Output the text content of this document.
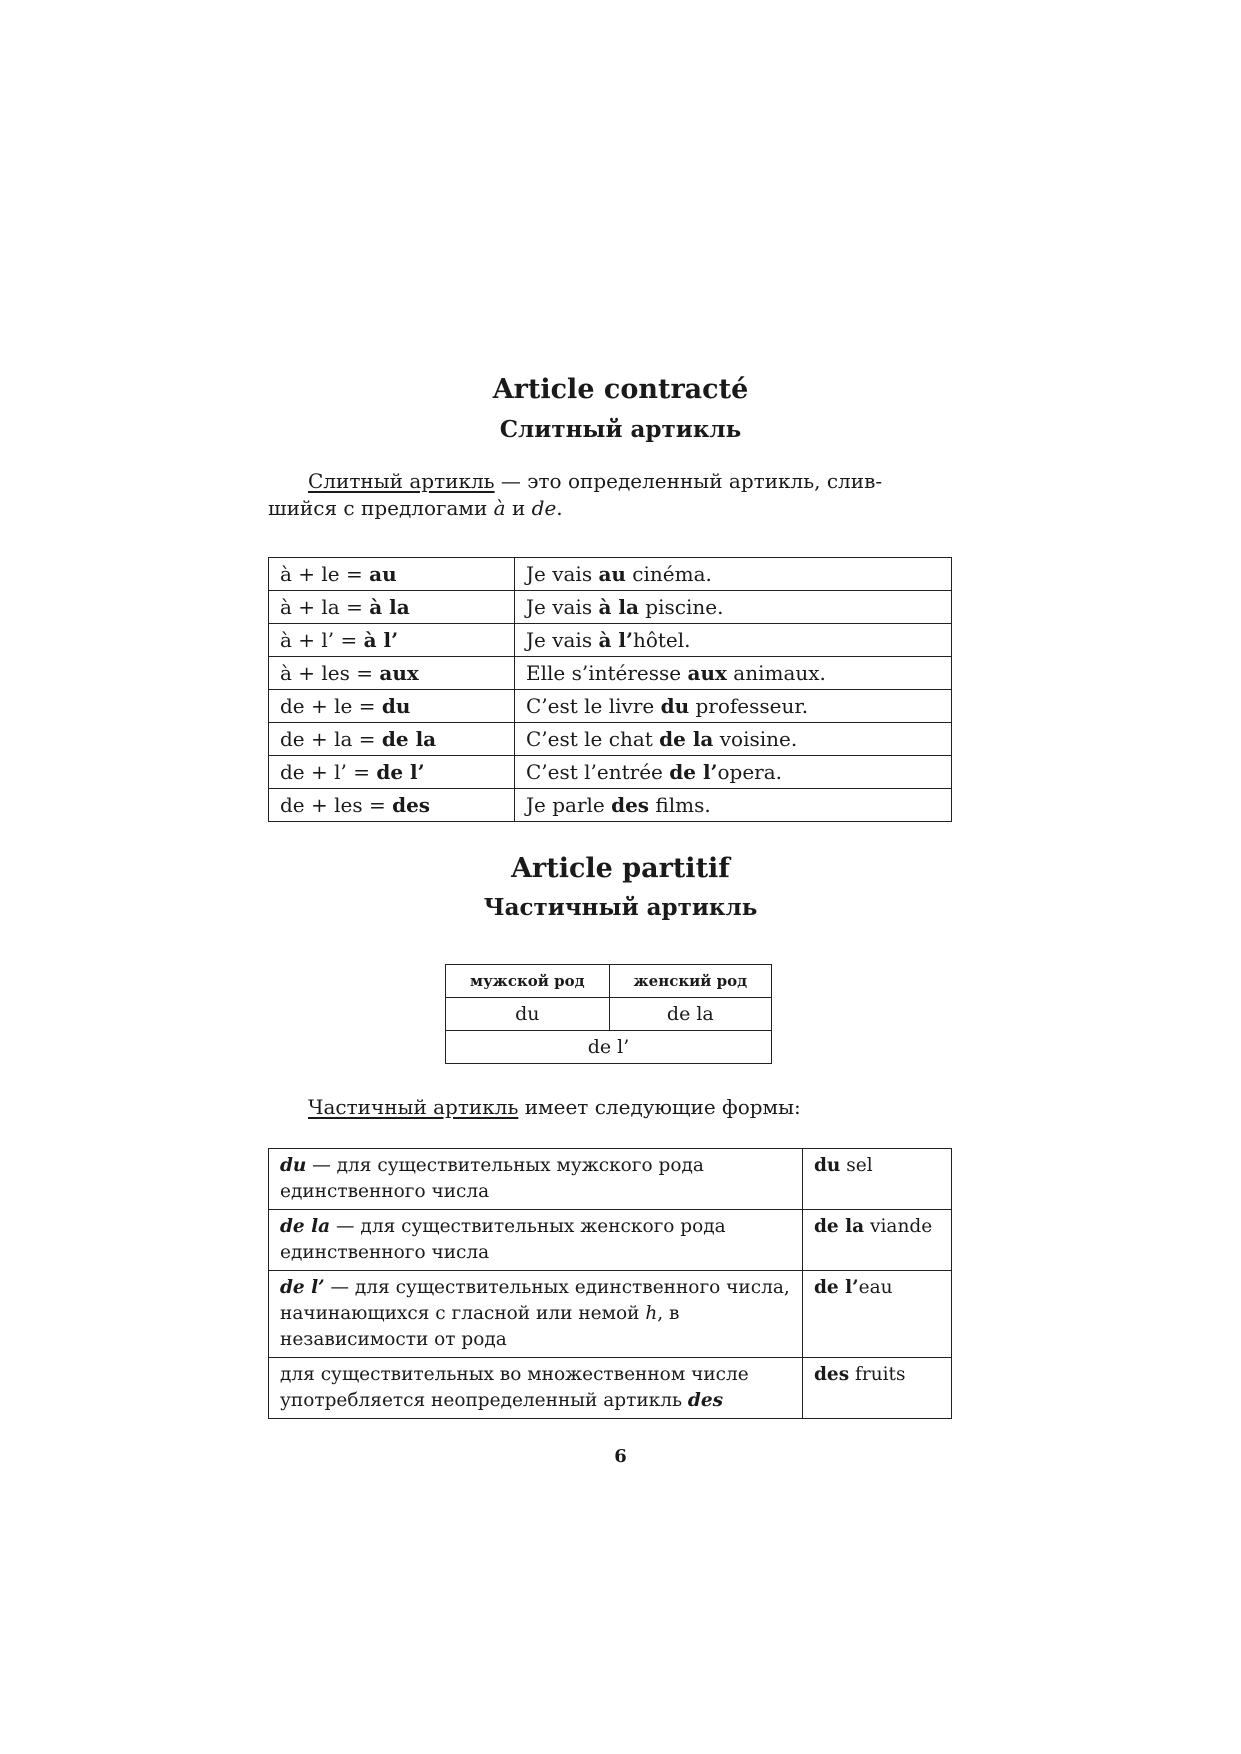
Article contracté
Слитный артикль
Слитный артикль — это определенный артикль, слив-
шийся с предлогами à и de.
à + le = au	Je vais au cinéma.
à + la = à la	Je vais à la piscine.
à + l’ = à l’	Je vais à l’hôtel.
à + les = aux	Elle s’intéresse aux animaux.
de + le = du	C’est le livre du professeur.
de + la = de la	C’est le chat de la voisine.
de + l’ = de l’	C’est l’entrée de l’opera.
de + les = des	Je parle des films.
Article partitif
Частичный артикль
мужской род	женский род
du	de la
de l’	
Частичный артикль имеет следующие формы:
du — для существительных мужского рода единственного числа	du sel
de la — для существительных женского рода единственного числа	de la viande
de l’ — для существительных единственного числа, начинающихся с гласной или немой h, в независимости от рода	de l’eau
для существительных во множественном числе употребляется неопределенный артикль des	des fruits
6
